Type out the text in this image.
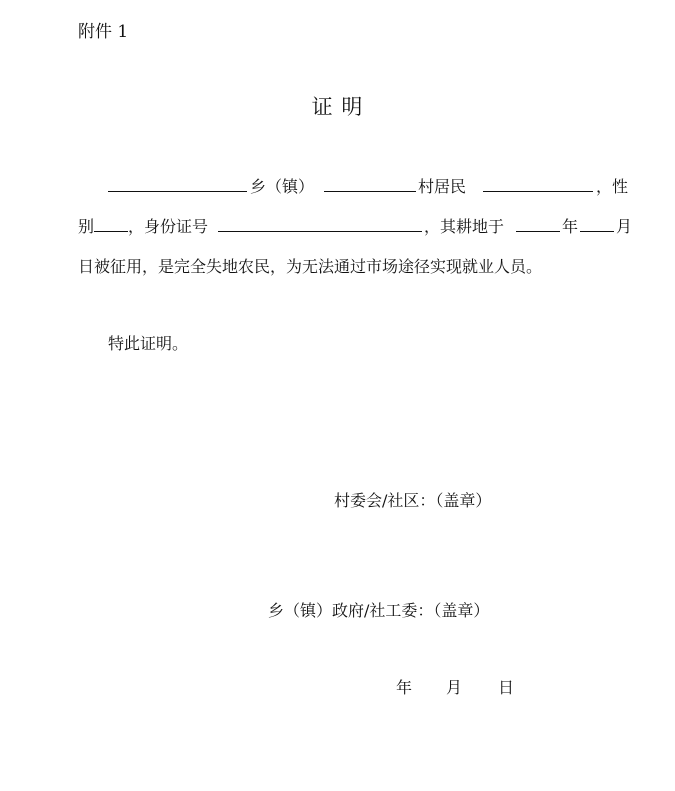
附件 1
证 明
乡（镇）	村居民	，性
别 ，身份证号	，其耕地于	年 月
日被征用，是完全失地农民，为无法通过市场途径实现就业人员。
特此证明。
村委会/社区：（盖章）
乡（镇）政府/社工委：（盖章）
年 月 日
